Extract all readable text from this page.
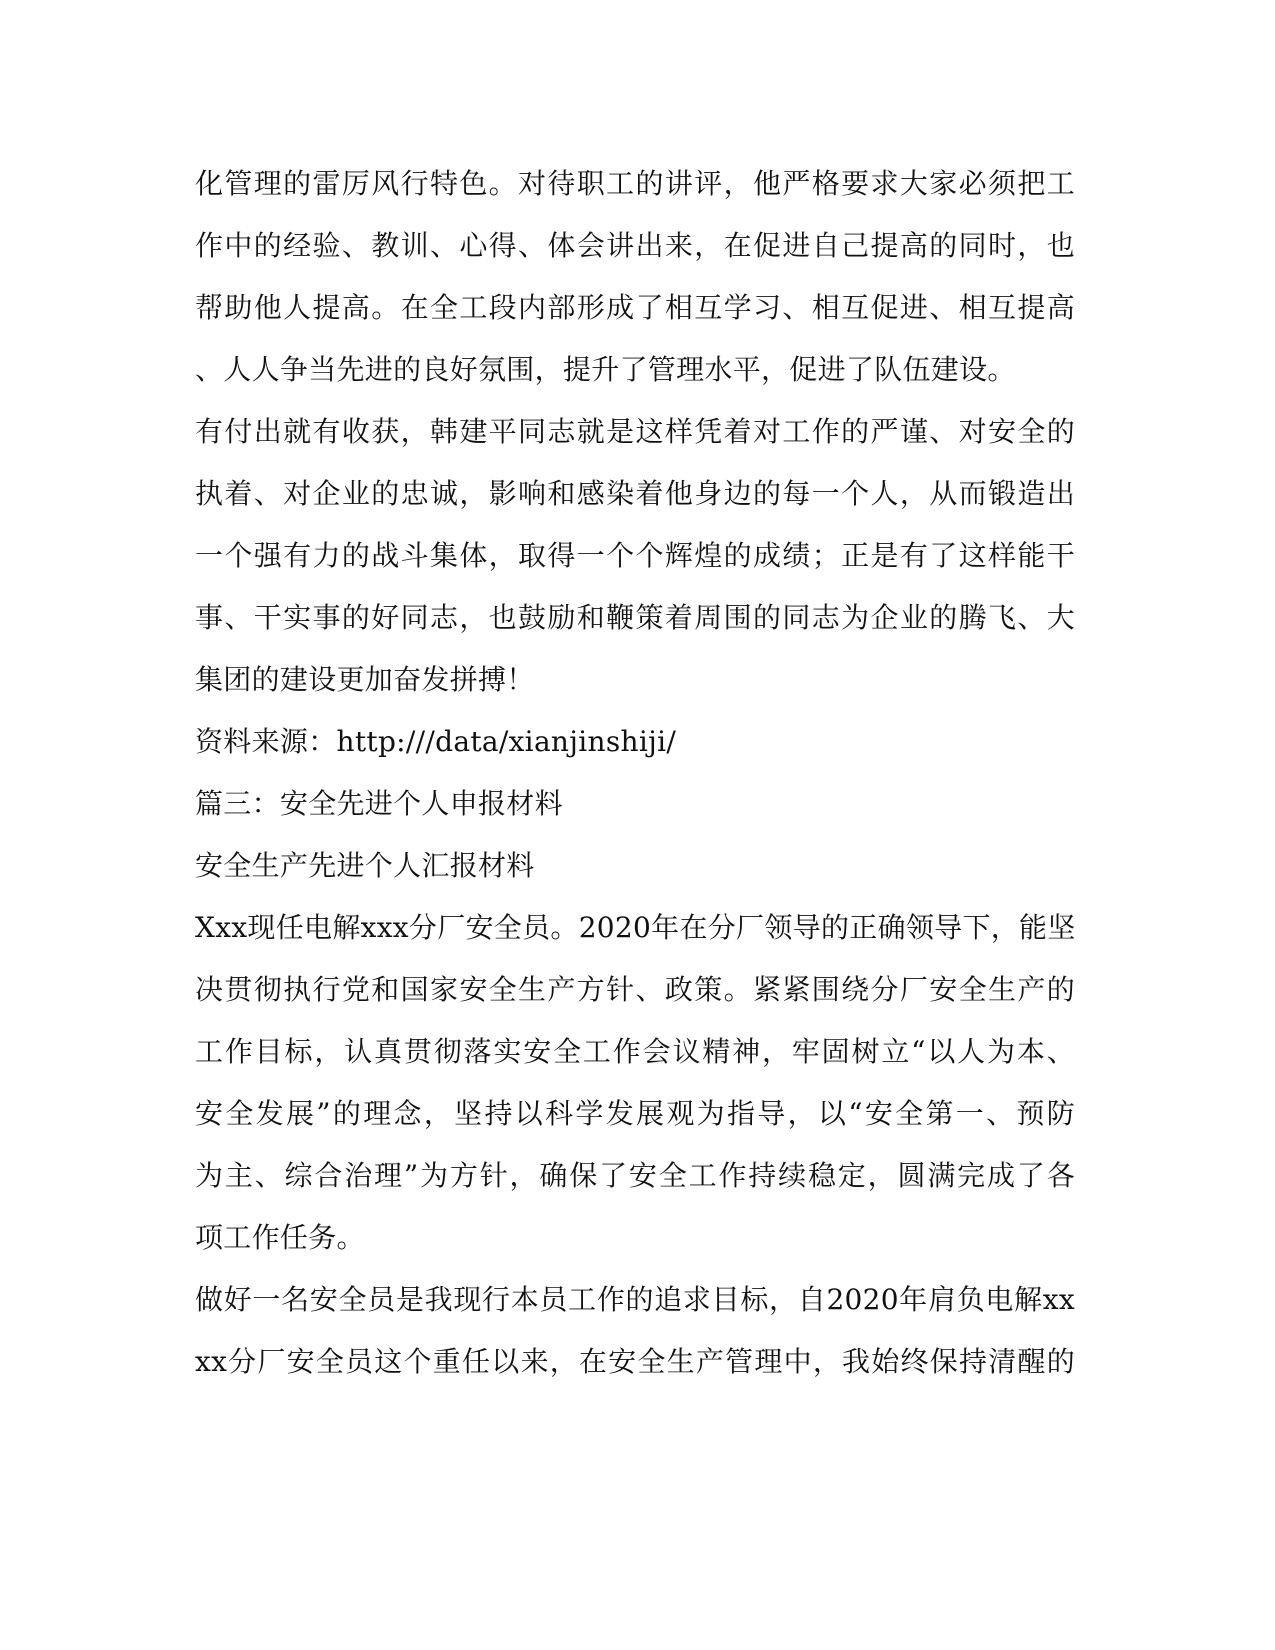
化管理的雷厉风行特色。对待职工的讲评，他严格要求大家必须把工
作中的经验、教训、心得、体会讲出来，在促进自己提高的同时，也
帮助他人提高。在全工段内部形成了相互学习、相互促进、相互提高
、人人争当先进的良好氛围，提升了管理水平，促进了队伍建设。
有付出就有收获，韩建平同志就是这样凭着对工作的严谨、对安全的
执着、对企业的忠诚，影响和感染着他身边的每一个人，从而锻造出
一个强有力的战斗集体，取得一个个辉煌的成绩；正是有了这样能干
事、干实事的好同志，也鼓励和鞭策着周围的同志为企业的腾飞、大
集团的建设更加奋发拼搏！
资料来源：http:///data/xianjinshiji/
篇三：安全先进个人申报材料
安全生产先进个人汇报材料
Xxx现任电解xxx分厂安全员。2020年在分厂领导的正确领导下，能坚
决贯彻执行党和国家安全生产方针、政策。紧紧围绕分厂安全生产的
工作目标，认真贯彻落实安全工作会议精神，牢固树立“以人为本、
安全发展”的理念，坚持以科学发展观为指导，以“安全第一、预防
为主、综合治理”为方针，确保了安全工作持续稳定，圆满完成了各
项工作任务。
做好一名安全员是我现行本员工作的追求目标，自2020年肩负电解xx
xx分厂安全员这个重任以来，在安全生产管理中，我始终保持清醒的
